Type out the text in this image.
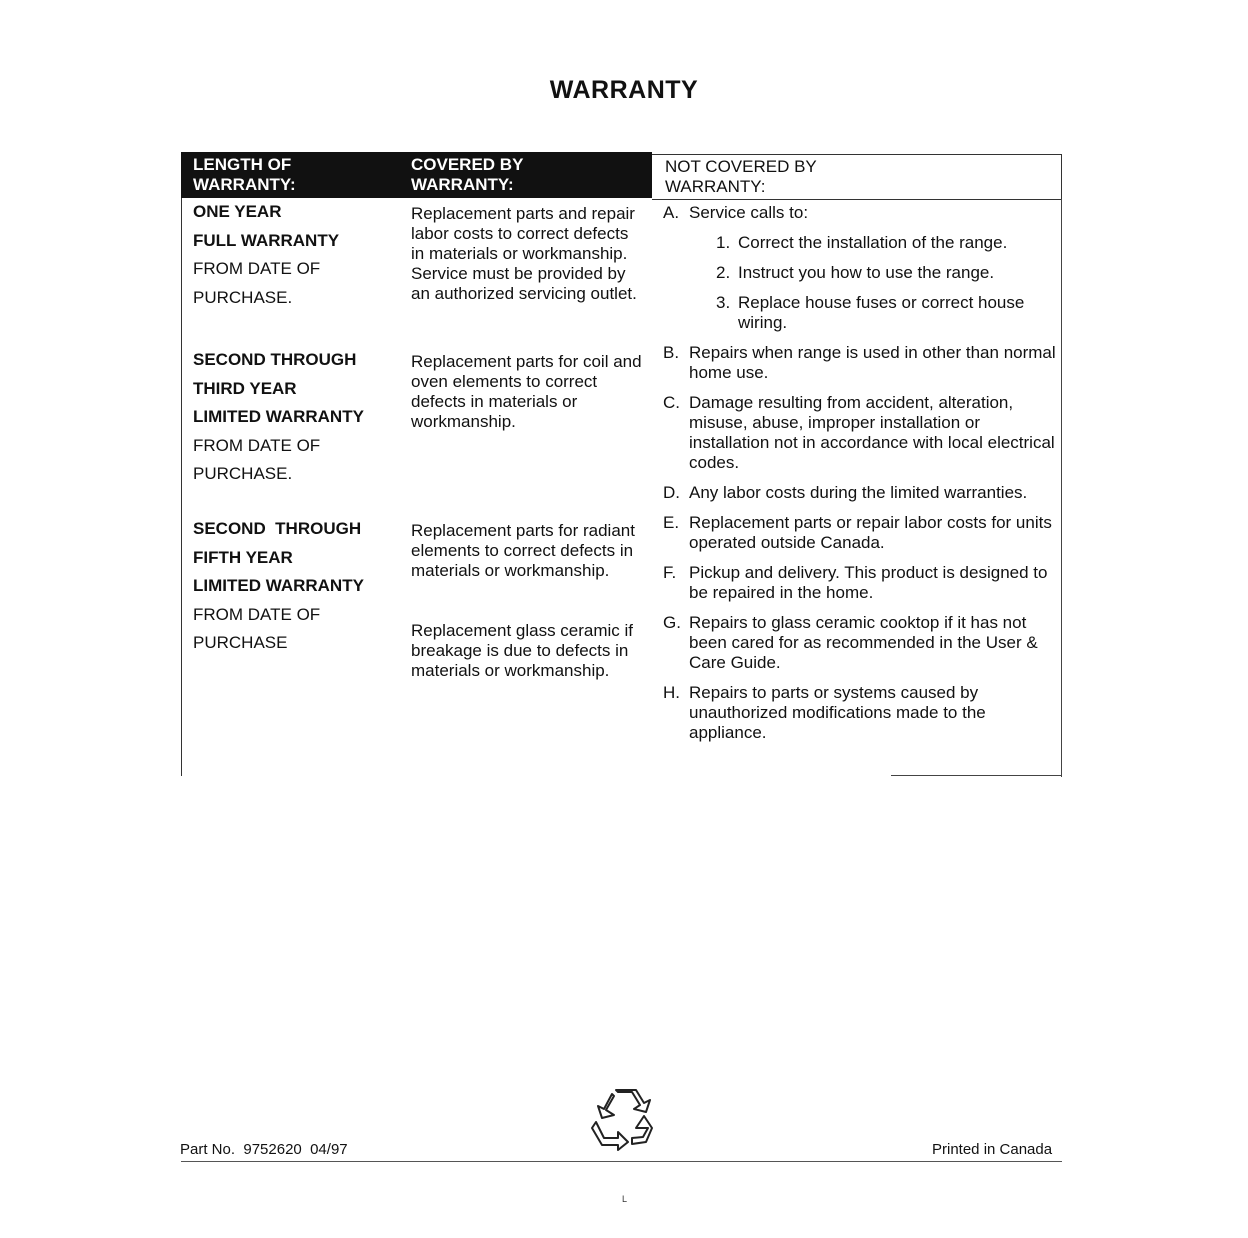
WARRANTY
LENGTH OF
WARRANTY:
COVERED BY
WARRANTY:
NOT COVERED BY
WARRANTY:
ONE YEAR
FULL WARRANTY
FROM DATE OF
PURCHASE.
Replacement parts and repair labor costs to correct defects in materials or workmanship. Service must be provided by an authorized servicing outlet.
SECOND THROUGH
THIRD YEAR
LIMITED WARRANTY
FROM DATE OF
PURCHASE.
Replacement parts for coil and oven elements to correct defects in materials or workmanship.
SECOND  THROUGH
FIFTH YEAR
LIMITED WARRANTY
FROM DATE OF
PURCHASE
Replacement parts for radiant elements to correct defects in materials or workmanship.
Replacement glass ceramic if breakage is due to defects in materials or workmanship.
A. Service calls to:
1. Correct the installation of the range.
2. Instruct you how to use the range.
3. Replace house fuses or correct house wiring.
B. Repairs when range is used in other than normal home use.
C. Damage resulting from accident, alteration, misuse, abuse, improper installation or installation not in accordance with local electrical codes.
D. Any labor costs during the limited warranties.
E. Replacement parts or repair labor costs for units operated outside Canada.
F. Pickup and delivery. This product is designed to be repaired in the home.
G. Repairs to glass ceramic cooktop if it has not been cared for as recommended in the User & Care Guide.
H. Repairs to parts or systems caused by unauthorized modifications made to the appliance.
Part No.  9752620  04/97	Printed in Canada
L
